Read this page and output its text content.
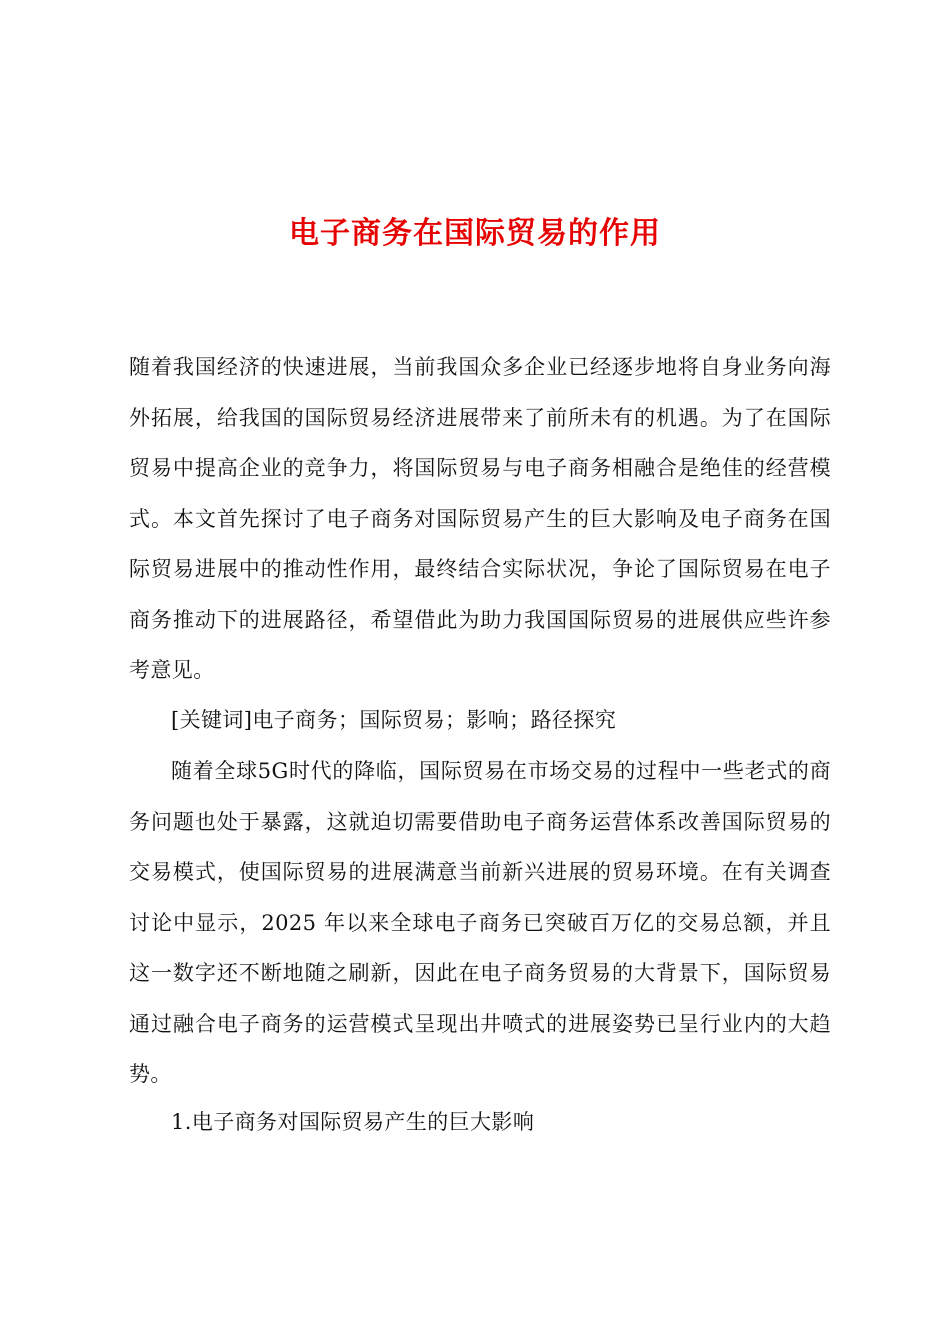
电子商务在国际贸易的作用

随着我国经济的快速进展，当前我国众多企业已经逐步地将自身业务向海外拓展，给我国的国际贸易经济进展带来了前所未有的机遇。为了在国际贸易中提高企业的竞争力，将国际贸易与电子商务相融合是绝佳的经营模式。本文首先探讨了电子商务对国际贸易产生的巨大影响及电子商务在国际贸易进展中的推动性作用，最终结合实际状况，争论了国际贸易在电子商务推动下的进展路径，希望借此为助力我国国际贸易的进展供应些许参考意见。

[关键词]电子商务；国际贸易；影响；路径探究

随着全球5G时代的降临，国际贸易在市场交易的过程中一些老式的商务问题也处于暴露，这就迫切需要借助电子商务运营体系改善国际贸易的交易模式，使国际贸易的进展满意当前新兴进展的贸易环境。在有关调查讨论中显示，2025 年以来全球电子商务已突破百万亿的交易总额，并且这一数字还不断地随之刷新，因此在电子商务贸易的大背景下，国际贸易通过融合电子商务的运营模式呈现出井喷式的进展姿势已呈行业内的大趋势。

1.电子商务对国际贸易产生的巨大影响
